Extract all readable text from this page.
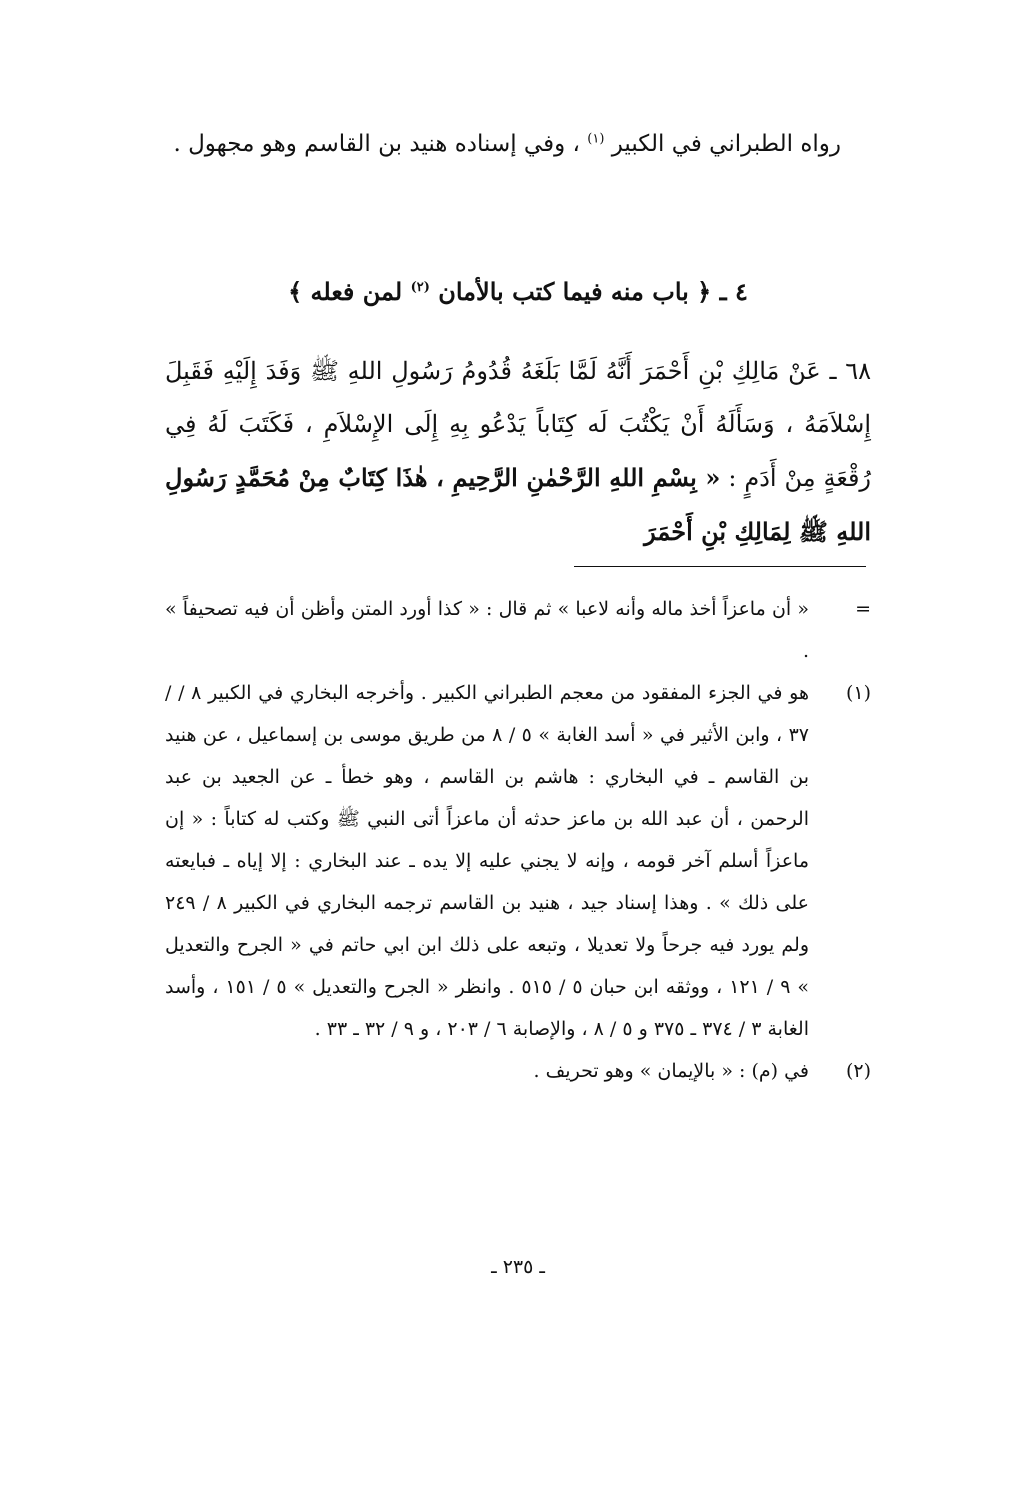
رواه الطبراني في الكبير $^{(١)}$ ، وفي إسناده هنيد بن القاسم وهو مجهول .

٤ ـ ﴿ باب منه فيما كتب بالأمان $^{(٢)}$ لمن فعله ﴾

٦٨ ـ عَنْ مَالِكِ بْنِ أَحْمَرَ أَنَّهُ لَمَّا بَلَغَهُ قُدُومُ رَسُولِ اللهِ ﷺ وَفَدَ إِلَيْهِ فَقَبِلَ إِسْلاَمَهُ ، وَسَأَلَهُ أَنْ يَكْتُبَ لَه كِتَاباً يَدْعُو بِهِ إِلَى الإِسْلاَمِ ، فَكَتَبَ لَهُ فِي رُقْعَةٍ مِنْ أَدَمٍ : « بِسْمِ اللهِ الرَّحْمٰنِ الرَّحِيمِ ، هٰذَا كِتَابٌ مِنْ مُحَمَّدٍ رَسُولِ اللهِ ﷺ لِمَالِكِ بْنِ أَحْمَرَ

=

« أن ماعزاً أخذ ماله وأنه لاعبا » ثم قال : « كذا أورد المتن وأظن أن فيه تصحيفاً » .

(١)

هو في الجزء المفقود من معجم الطبراني الكبير . وأخرجه البخاري في الكبير ٨ / /٣٧ ، وابن الأثير في « أسد الغابة » ٥ / ٨ من طريق موسى بن إسماعيل ، عن هنيد بن القاسم ـ في البخاري : هاشم بن القاسم ، وهو خطأ ـ عن الجعيد بن عبد الرحمن ، أن عبد الله بن ماعز حدثه أن ماعزاً أتى النبي ﷺ وكتب له كتاباً : « إن ماعزاً أسلم آخر قومه ، وإنه لا يجني عليه إلا يده ـ عند البخاري : إلا إياه ـ فبايعته على ذلك » . وهذا إسناد جيد ، هنيد بن القاسم ترجمه البخاري في الكبير ٨ / ٢٤٩ ولم يورد فيه جرحاً ولا تعديلا ، وتبعه على ذلك ابن ابي حاتم في « الجرح والتعديل » ٩ / ١٢١ ، ووثقه ابن حبان ٥ / ٥١٥ . وانظر « الجرح والتعديل » ٥ / ١٥١ ، وأسد الغابة ٣ / ٣٧٤ ـ ٣٧٥ و ٥ / ٨ ، والإصابة ٦ / ٢٠٣ ، و ٩ / ٣٢ ـ ٣٣ .

(٢)

في (م) : « بالإيمان » وهو تحريف .

ـ ٢٣٥ ـ
